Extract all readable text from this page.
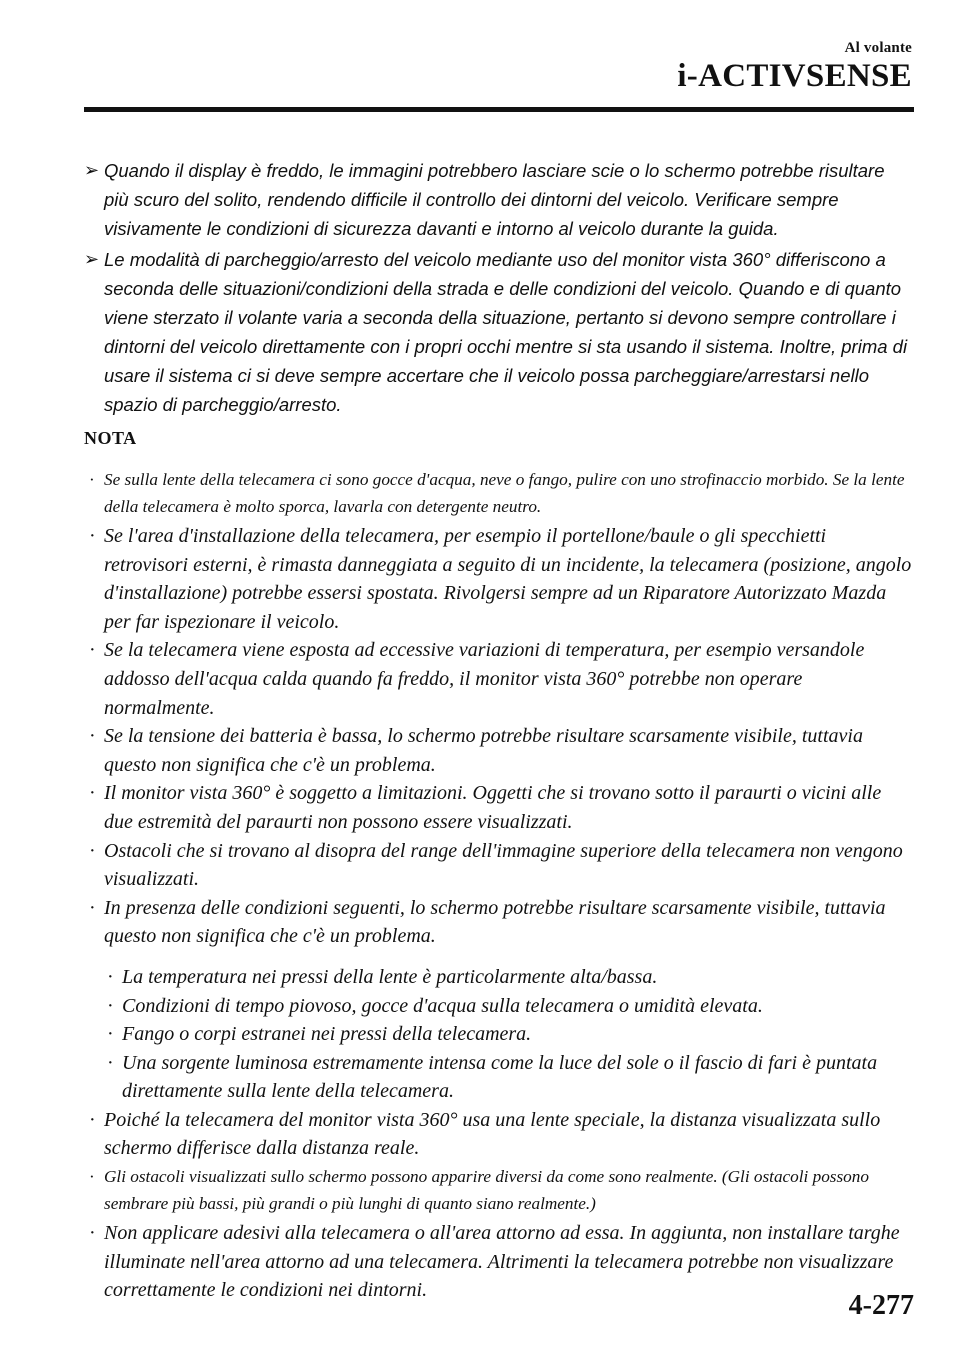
Al volante
i-ACTIVSENSE

➢ Quando il display è freddo, le immagini potrebbero lasciare scie o lo schermo potrebbe risultare più scuro del solito, rendendo difficile il controllo dei dintorni del veicolo. Verificare sempre visivamente le condizioni di sicurezza davanti e intorno al veicolo durante la guida.

➢ Le modalità di parcheggio/arresto del veicolo mediante uso del monitor vista 360° differiscono a seconda delle situazioni/condizioni della strada e delle condizioni del veicolo. Quando e di quanto viene sterzato il volante varia a seconda della situazione, pertanto si devono sempre controllare i dintorni del veicolo direttamente con i propri occhi mentre si sta usando il sistema. Inoltre, prima di usare il sistema ci si deve sempre accertare che il veicolo possa parcheggiare/arrestarsi nello spazio di parcheggio/arresto.

NOTA

· Se sulla lente della telecamera ci sono gocce d'acqua, neve o fango, pulire con uno strofinaccio morbido. Se la lente della telecamera è molto sporca, lavarla con detergente neutro.

· Se l'area d'installazione della telecamera, per esempio il portellone/baule o gli specchietti retrovisori esterni, è rimasta danneggiata a seguito di un incidente, la telecamera (posizione, angolo d'installazione) potrebbe essersi spostata. Rivolgersi sempre ad un Riparatore Autorizzato Mazda per far ispezionare il veicolo.

· Se la telecamera viene esposta ad eccessive variazioni di temperatura, per esempio versandole addosso dell'acqua calda quando fa freddo, il monitor vista 360° potrebbe non operare normalmente.

· Se la tensione dei batteria è bassa, lo schermo potrebbe risultare scarsamente visibile, tuttavia questo non significa che c'è un problema.

· Il monitor vista 360° è soggetto a limitazioni. Oggetti che si trovano sotto il paraurti o vicini alle due estremità del paraurti non possono essere visualizzati.

· Ostacoli che si trovano al disopra del range dell'immagine superiore della telecamera non vengono visualizzati.

· In presenza delle condizioni seguenti, lo schermo potrebbe risultare scarsamente visibile, tuttavia questo non significa che c'è un problema.

· La temperatura nei pressi della lente è particolarmente alta/bassa.

· Condizioni di tempo piovoso, gocce d'acqua sulla telecamera o umidità elevata.

· Fango o corpi estranei nei pressi della telecamera.

· Una sorgente luminosa estremamente intensa come la luce del sole o il fascio di fari è puntata direttamente sulla lente della telecamera.

· Poiché la telecamera del monitor vista 360° usa una lente speciale, la distanza visualizzata sullo schermo differisce dalla distanza reale.

· Gli ostacoli visualizzati sullo schermo possono apparire diversi da come sono realmente. (Gli ostacoli possono sembrare più bassi, più grandi o più lunghi di quanto siano realmente.)

· Non applicare adesivi alla telecamera o all'area attorno ad essa. In aggiunta, non installare targhe illuminate nell'area attorno ad una telecamera. Altrimenti la telecamera potrebbe non visualizzare correttamente le condizioni nei dintorni.	4-277
